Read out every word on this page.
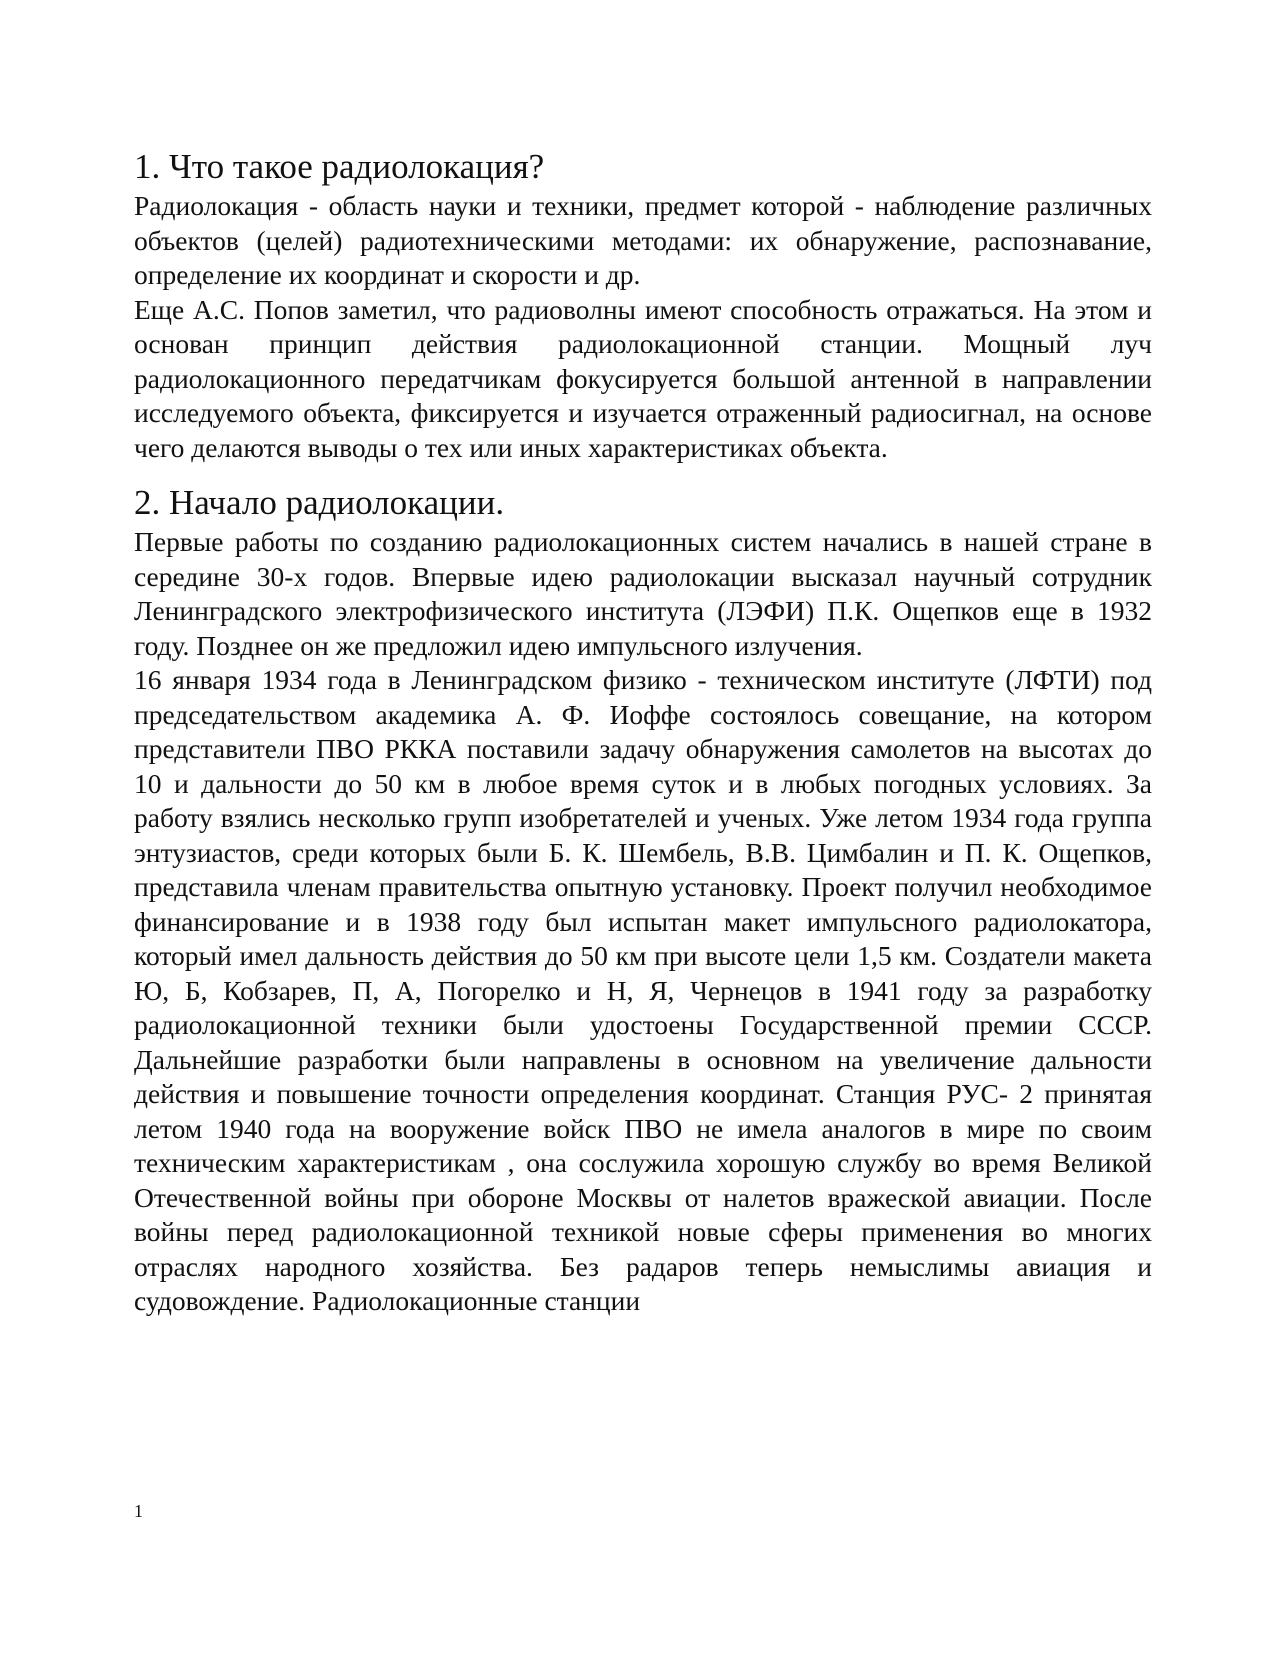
1. Что такое радиолокация?

Радиолокация - область науки и техники, предмет которой - наблюдение различных объектов (целей) радиотехническими методами: их обнаружение, распознавание, определение их координат и скорости и др.

Еще А.С. Попов заметил, что радиоволны имеют способность отражаться. На этом и основан принцип действия радиолокационной станции. Мощный луч радиолокационного передатчикам фокусируется большой антенной в направлении исследуемого объекта, фиксируется и изучается отраженный радиосигнал, на основе чего делаются выводы о тех или иных характеристиках объекта.

2. Начало радиолокации.

Первые работы по созданию радиолокационных систем начались в нашей стране в середине 30-х годов. Впервые идею радиолокации высказал научный сотрудник Ленинградского электрофизического института (ЛЭФИ) П.К. Ощепков еще в 1932 году. Позднее он же предложил идею импульсного излучения.

16 января 1934 года в Ленинградском физико - техническом институте (ЛФТИ) под председательством академика А. Ф. Иоффе состоялось совещание, на котором представители ПВО РККА поставили задачу обнаружения самолетов на высотах до 10 и дальности до 50 км в любое время суток и в любых погодных условиях. За работу взялись несколько групп изобретателей и ученых. Уже летом 1934 года группа энтузиастов, среди которых были Б. К. Шембель, В.В. Цимбалин и П. К. Ощепков, представила членам правительства опытную установку. Проект получил необходимое финансирование и в 1938 году был испытан макет импульсного радиолокатора, который имел дальность действия до 50 км при высоте цели 1,5 км. Создатели макета Ю, Б, Кобзарев, П, А, Погорелко и Н, Я, Чернецов в 1941 году за разработку радиолокационной техники были удостоены Государственной премии СССР. Дальнейшие разработки были направлены в основном на увеличение дальности действия и повышение точности определения координат. Станция РУС- 2 принятая летом 1940 года на вооружение войск ПВО не имела аналогов в мире по своим техническим характеристикам , она сослужила хорошую службу во время Великой Отечественной войны при обороне Москвы от налетов вражеской авиации. После войны перед радиолокационной техникой новые сферы применения во многих отраслях народного хозяйства. Без радаров теперь немыслимы авиация и судовождение. Радиолокационные станции

1
